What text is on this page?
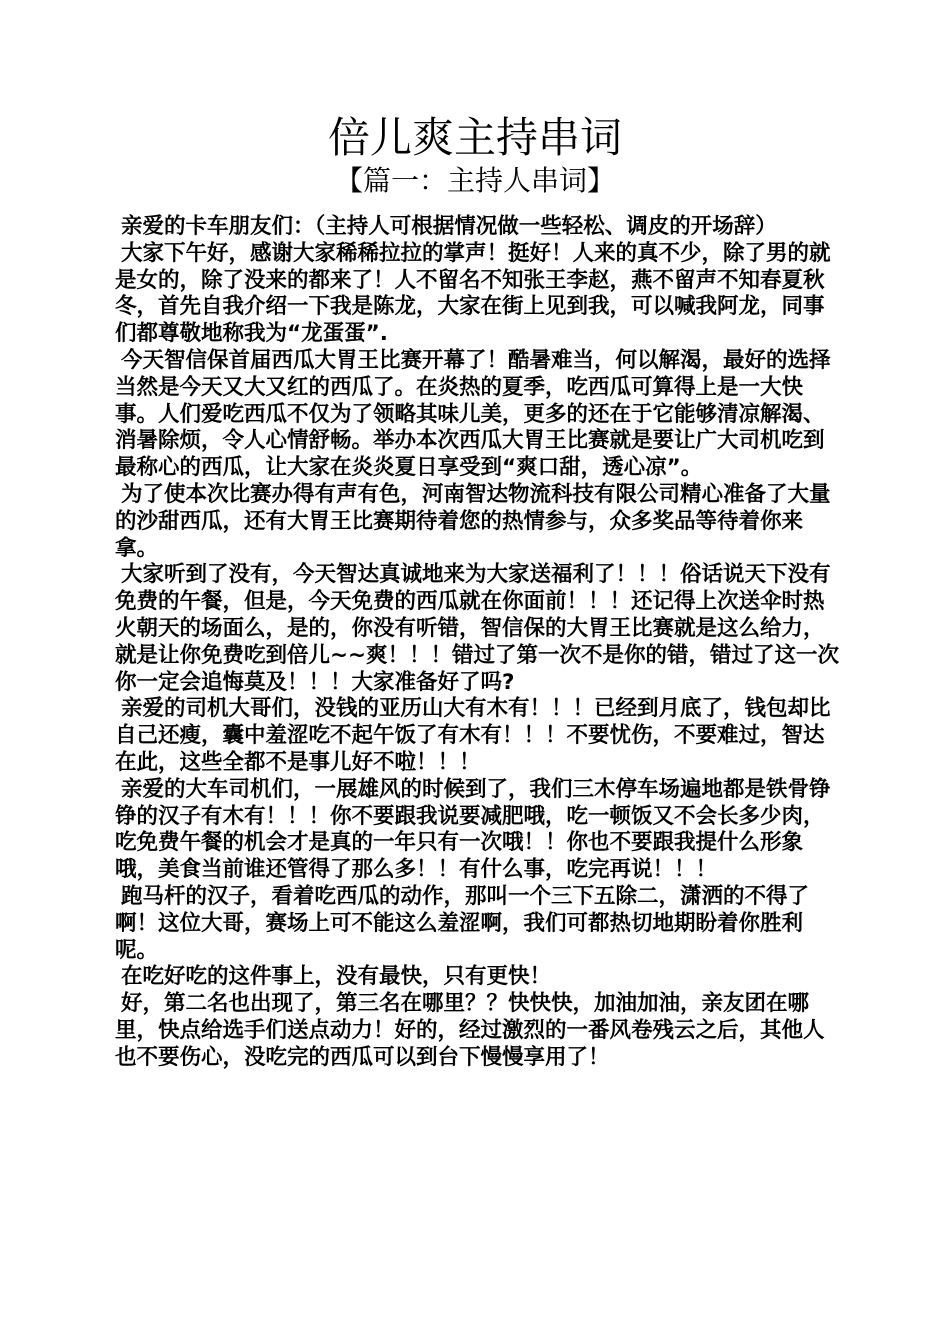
倍儿爽主持串词
【篇一：主持人串词】

亲爱的卡车朋友们：（主持人可根据情况做一些轻松、调皮的开场辞）

大家下午好，感谢大家稀稀拉拉的掌声！挺好！人来的真不少，除了男的就是女的，除了没来的都来了！人不留名不知张王李赵，燕不留声不知春夏秋冬，首先自我介绍一下我是陈龙，大家在街上见到我，可以喊我阿龙，同事们都尊敬地称我为“龙蛋蛋”.

今天智信保首届西瓜大胃王比赛开幕了！酷暑难当，何以解渴，最好的选择当然是今天又大又红的西瓜了。在炎热的夏季，吃西瓜可算得上是一大快事。人们爱吃西瓜不仅为了领略其味儿美，更多的还在于它能够清凉解渴、消暑除烦，令人心情舒畅。举办本次西瓜大胃王比赛就是要让广大司机吃到最称心的西瓜，让大家在炎炎夏日享受到“爽口甜，透心凉”。

为了使本次比赛办得有声有色，河南智达物流科技有限公司精心准备了大量的沙甜西瓜，还有大胃王比赛期待着您的热情参与，众多奖品等待着你来拿。

大家听到了没有，今天智达真诚地来为大家送福利了！！！俗话说天下没有免费的午餐，但是，今天免费的西瓜就在你面前！！！还记得上次送伞时热火朝天的场面么，是的，你没有听错，智信保的大胃王比赛就是这么给力，就是让你免费吃到倍儿~~爽！！！错过了第一次不是你的错，错过了这一次你一定会追悔莫及！！！大家准备好了吗?

亲爱的司机大哥们，没钱的亚历山大有木有！！！已经到月底了，钱包却比自己还瘦，囊中羞涩吃不起午饭了有木有！！！不要忧伤，不要难过，智达在此，这些全都不是事儿好不啦！！！

亲爱的大车司机们，一展雄风的时候到了，我们三木停车场遍地都是铁骨铮铮的汉子有木有！！！你不要跟我说要减肥哦，吃一顿饭又不会长多少肉，吃免费午餐的机会才是真的一年只有一次哦！！你也不要跟我提什么形象哦，美食当前谁还管得了那么多！！有什么事，吃完再说！！！

跑马杆的汉子，看着吃西瓜的动作，那叫一个三下五除二，潇洒的不得了啊！这位大哥，赛场上可不能这么羞涩啊，我们可都热切地期盼着你胜利呢。

在吃好吃的这件事上，没有最快，只有更快！

好，第二名也出现了，第三名在哪里？？快快快，加油加油，亲友团在哪里，快点给选手们送点动力！好的，经过激烈的一番风卷残云之后，其他人也不要伤心，没吃完的西瓜可以到台下慢慢享用了！
